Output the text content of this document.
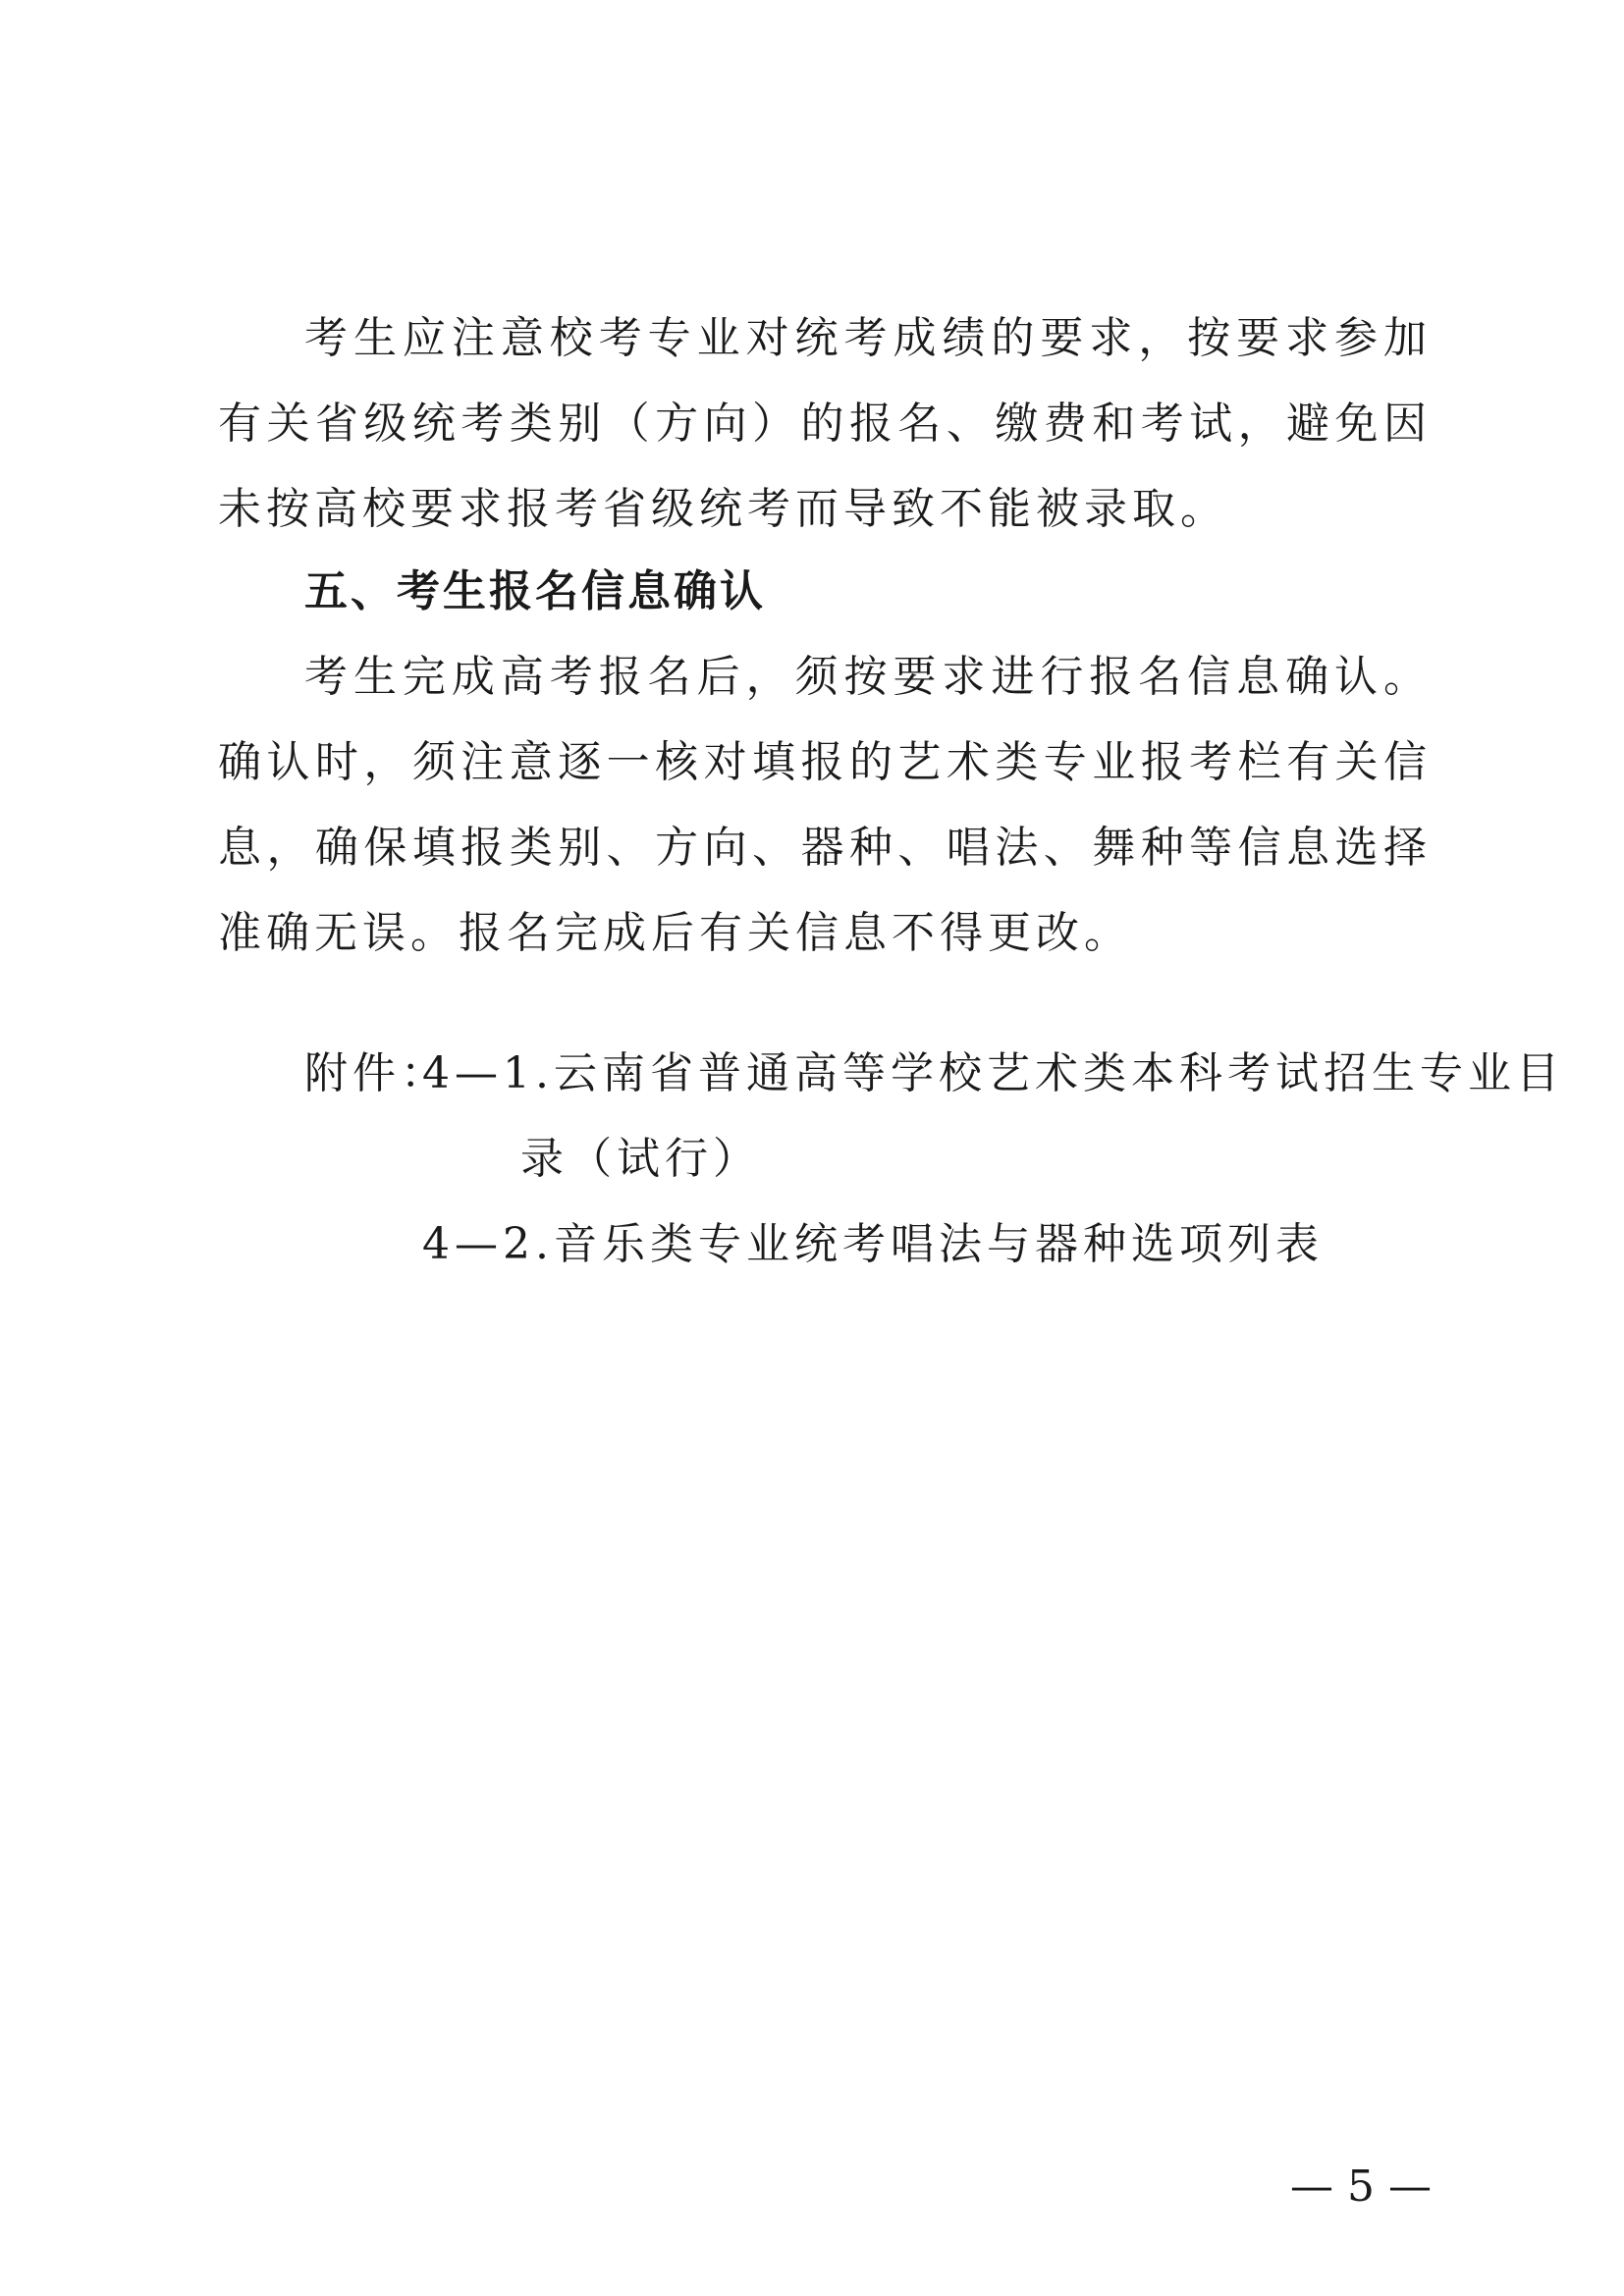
考生应注意校考专业对统考成绩的要求，按要求参加有关省级统考类别（方向）的报名、缴费和考试，避免因未按高校要求报考省级统考而导致不能被录取。

五、考生报名信息确认

考生完成高考报名后，须按要求进行报名信息确认。确认时，须注意逐一核对填报的艺术类专业报考栏有关信息，确保填报类别、方向、器种、唱法、舞种等信息选择准确无误。报名完成后有关信息不得更改。

附件：

4—1.云南省普通高等学校艺术类本科考试招生专业目

录（试行）

4—2.音乐类专业统考唱法与器种选项列表

— 5 —
